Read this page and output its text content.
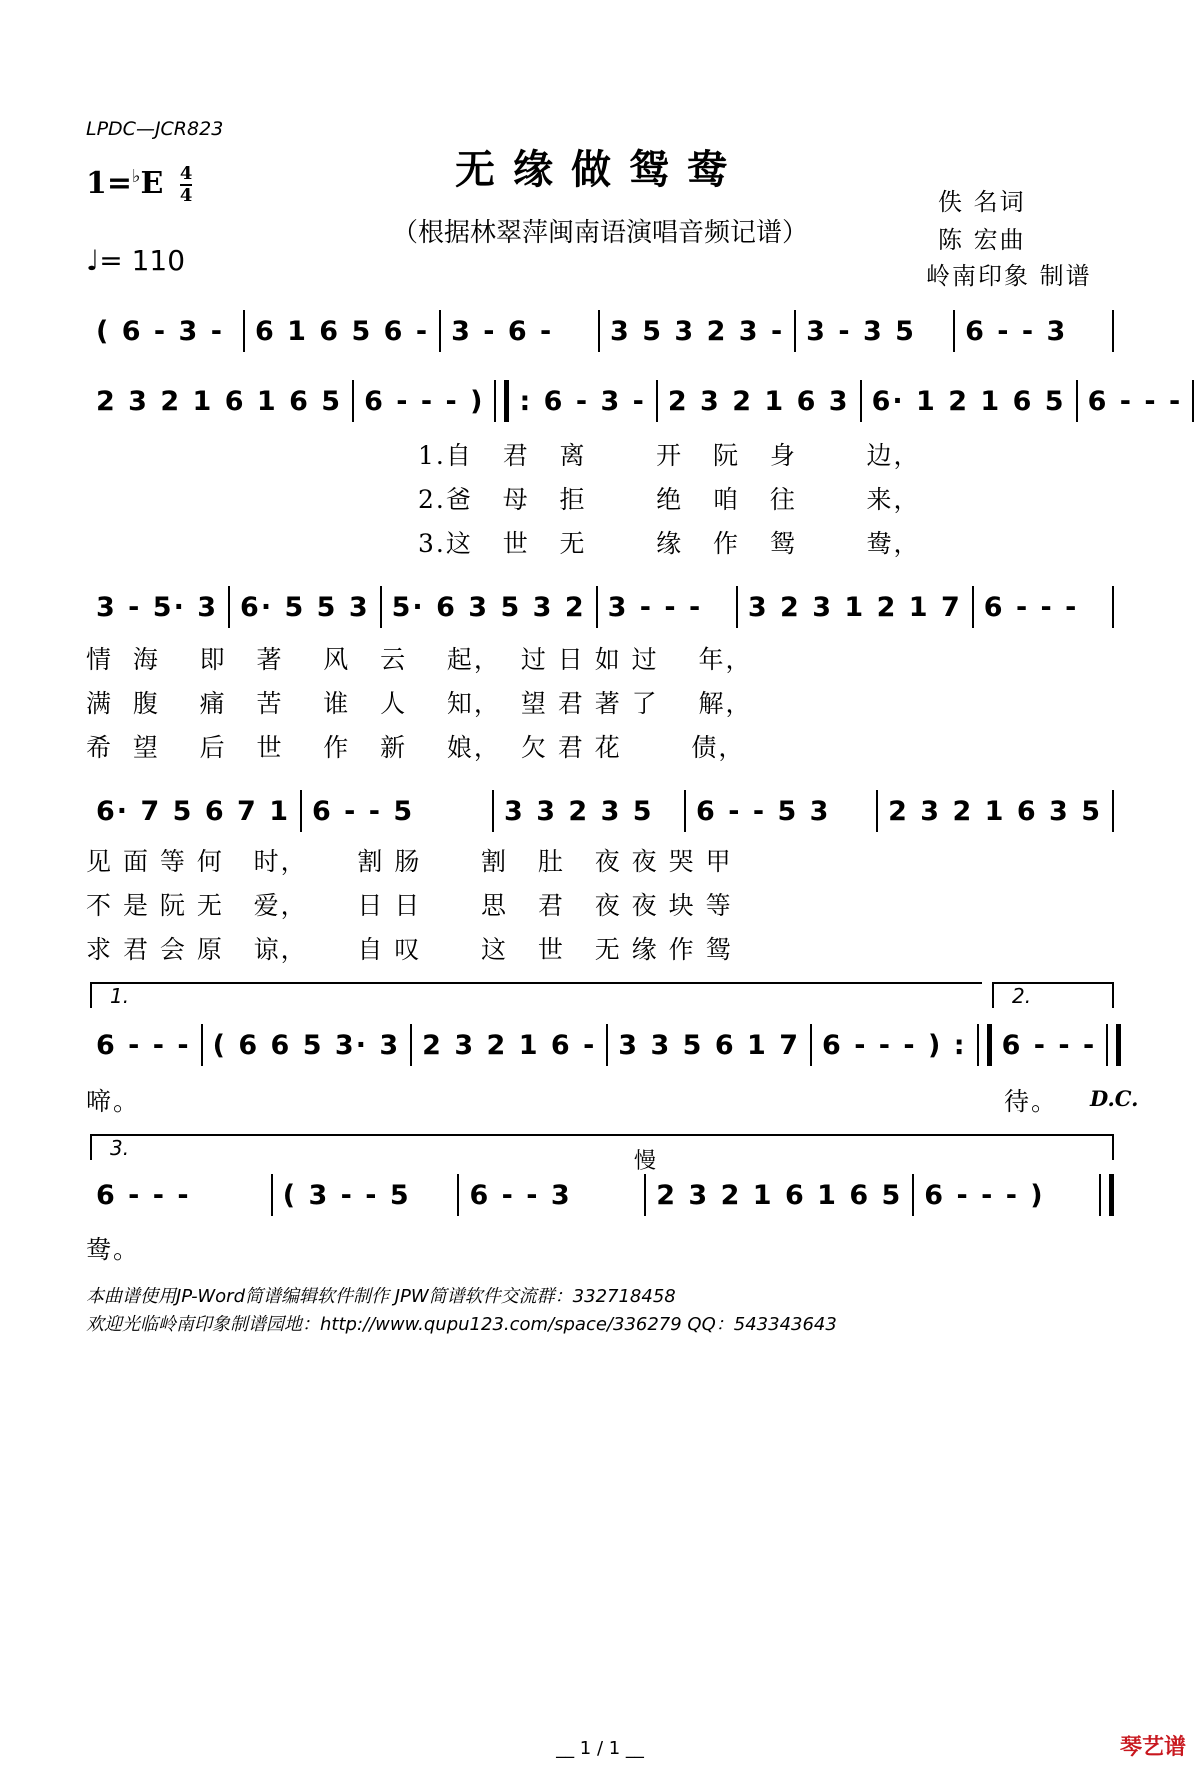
LPDC—JCR823
无缘做鸳鸯
（根据林翠萍闽南语演唱音频记谱）
$1=^♭E \frac{4}{4}$
♩= 110
佚 名词
陈 宏曲
岭南印象 制谱
( 6 - 3 -	6 1 6 5 6 - 3 - 6 -	3 5 3 2 3 - 3 - 3 5	6 - - 3
2 3 2 1 6 1 6 5 6 - - - )	: 6 - 3 - 2 3 2 1 6 3 6· 1 2 1 6 5 6 - - -
1.自   君   离       开   阮   身       边，
2.爸   母   拒       绝   咱   往       来，
3.这   世   无       缘   作   鸳       鸯，
3 - 5· 3 6· 5 5 3 5· 6 3 5 3 2 3 - - -	3 2 3 1 2 1 7 6 - - -
情  海    即   著    风   云    起，  过 日 如 过    年，
满  腹    痛   苦    谁   人    知，  望 君 著 了    解，
希  望    后   世    作   新    娘，  欠 君 花       债，
6· 7 5 6 7 1 6 - - 5	3 3 2 3 5	6 - - 5 3	2 3 2 1 6 3 5
见 面 等 何   时，     割 肠      割   肚   夜 夜 哭 甲
不 是 阮 无   爱，     日 日      思   君   夜 夜 块 等
求 君 会 原   谅，     自 叹      这   世   无 缘 作 鸳
1.	2.
6 - - - ( 6 6 5 3· 3 2 3 2 1 6 - 3 3 5 6 1 7 6 - - - ) :	6 - - -
啼。	待。	D.C.
3.
慢
6 - - -	( 3 - - 5	6 - - 3	2 3 2 1 6 1 6 5 6 - - - )
鸯。
本曲谱使用JP-Word简谱编辑软件制作 JPW简谱软件交流群：332718458
欢迎光临岭南印象制谱园地：http://www.qupu123.com/space/336279 QQ：543343643
__ 1 / 1 __	琴艺谱
